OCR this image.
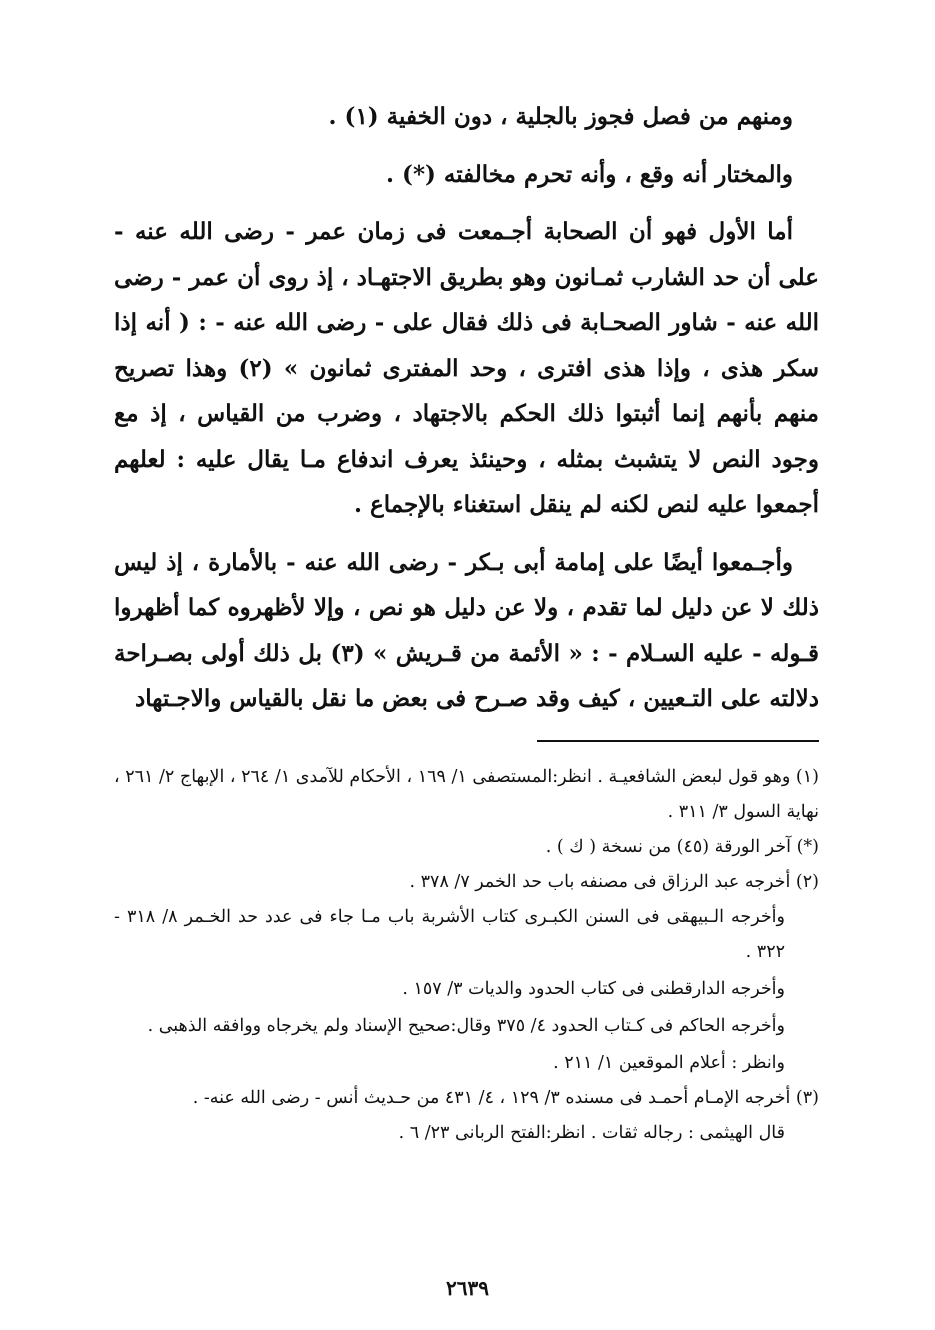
ومنهم من فصل فجوز بالجلية ، دون الخفية (١) .

والمختار أنه وقع ، وأنه تحرم مخالفته (*) .

أما الأول فهو أن الصحابة أجـمعت فى زمان عمر - رضى الله عنه - على أن حد الشارب ثمـانون وهو بطريق الاجتهـاد ، إذ روى أن عمر - رضى الله عنه - شاور الصحـابة فى ذلك فقال على - رضى الله عنه - : ( أنه إذا سكر هذى ، وإذا هذى افترى ، وحد المفترى ثمانون » (٢) وهذا تصريح منهم بأنهم إنما أثبتوا ذلك الحكم بالاجتهاد ، وضرب من القياس ، إذ مع وجود النص لا يتشبث بمثله ، وحينئذ يعرف اندفاع مـا يقال عليه : لعلهم أجمعوا عليه لنص لكنه لم ينقل استغناء بالإجماع .

وأجـمعوا أيضًا على إمامة أبى بـكر - رضى الله عنه - بالأمارة ، إذ ليس ذلك لا عن دليل لما تقدم ، ولا عن دليل هو نص ، وإلا لأظهروه كما أظهروا قـوله - عليه السـلام - : « الأئمة من قـريش » (٣) بل ذلك أولى بصـراحة دلالته على التـعيين ، كيف وقد صـرح فى بعض ما نقل بالقياس والاجـتهاد

(١) وهو قول لبعض الشافعيـة . انظر:المستصفى ١/ ١٦٩ ، الأحكام للآمدى ١/ ٢٦٤ ، الإبهاج ٢/ ٢٦١ ، نهاية السول ٣/ ٣١١ .

(*) آخر الورقة (٤٥) من نسخة ( ك ) .

(٢) أخرجه عبد الرزاق فى مصنفه باب حد الخمر ٧/ ٣٧٨ .

وأخرجه الـبيهقى فى السنن الكبـرى كتاب الأشربة باب مـا جاء فى عدد حد الخـمر ٨/ ٣١٨ - ٣٢٢ .

وأخرجه الدارقطنى فى كتاب الحدود والديات ٣/ ١٥٧ .

وأخرجه الحاكم فى كـتاب الحدود ٤/ ٣٧٥ وقال:صحيح الإسناد ولم يخرجاه ووافقه الذهبى .

وانظر : أعلام الموقعين ١/ ٢١١ .

(٣) أخرجه الإمـام أحمـد فى مسنده ٣/ ١٢٩ ، ٤/ ٤٣١ من حـديث أنس - رضى الله عنه- .

قال الهيثمى : رجاله ثقات . انظر:الفتح الربانى ٢٣/ ٦ .

٢٦٣٩
